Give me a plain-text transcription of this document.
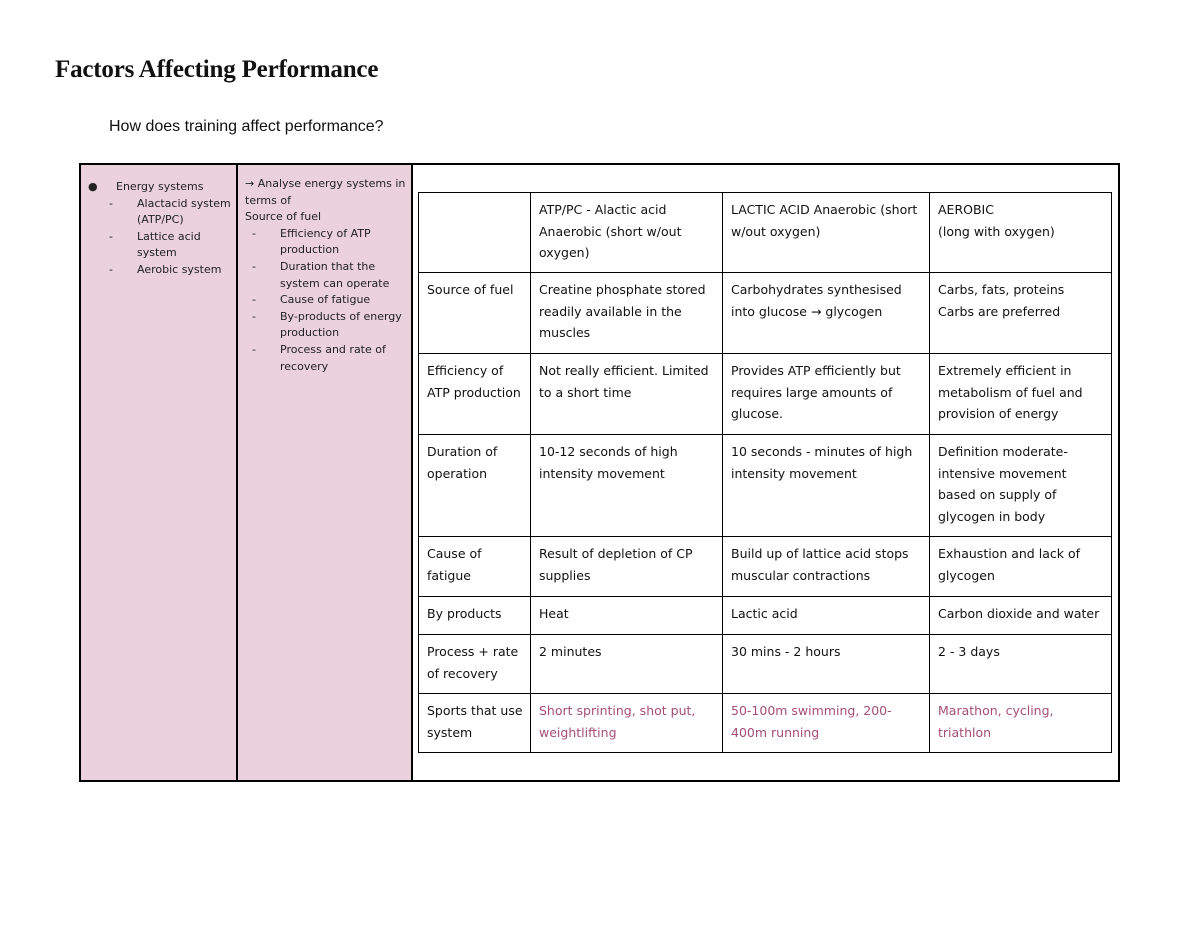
Factors Affecting Performance
How does training affect performance?
● Energy systems
- Alactacid system (ATP/PC)
- Lattice acid system
- Aerobic system
→ Analyse energy systems in terms of
Source of fuel
- Efficiency of ATP production
- Duration that the system can operate
- Cause of fatigue
- By-products of energy production
- Process and rate of recovery
	ATP/PC - Alactic acid Anaerobic (short w/out oxygen)	LACTIC ACID Anaerobic (short w/out oxygen)	AEROBIC
(long with oxygen)

Source of fuel	Creatine phosphate stored readily available in the muscles	Carbohydrates synthesised into glucose → glycogen	Carbs, fats, proteins Carbs are preferred
Efficiency of ATP production	Not really efficient. Limited to a short time	Provides ATP efficiently but requires large amounts of glucose.	Extremely efficient in metabolism of fuel and provision of energy
Duration of operation	10-12 seconds of high intensity movement	10 seconds - minutes of high intensity movement	Definition moderate-intensive movement based on supply of glycogen in body
Cause of fatigue	Result of depletion of CP supplies	Build up of lattice acid stops muscular contractions	Exhaustion and lack of glycogen
By products	Heat	Lactic acid	Carbon dioxide and water
Process + rate of recovery	2 minutes	30 mins - 2 hours	2 - 3 days
Sports that use system	Short sprinting, shot put, weightlifting	50-100m swimming, 200-400m running	Marathon, cycling, triathlon
